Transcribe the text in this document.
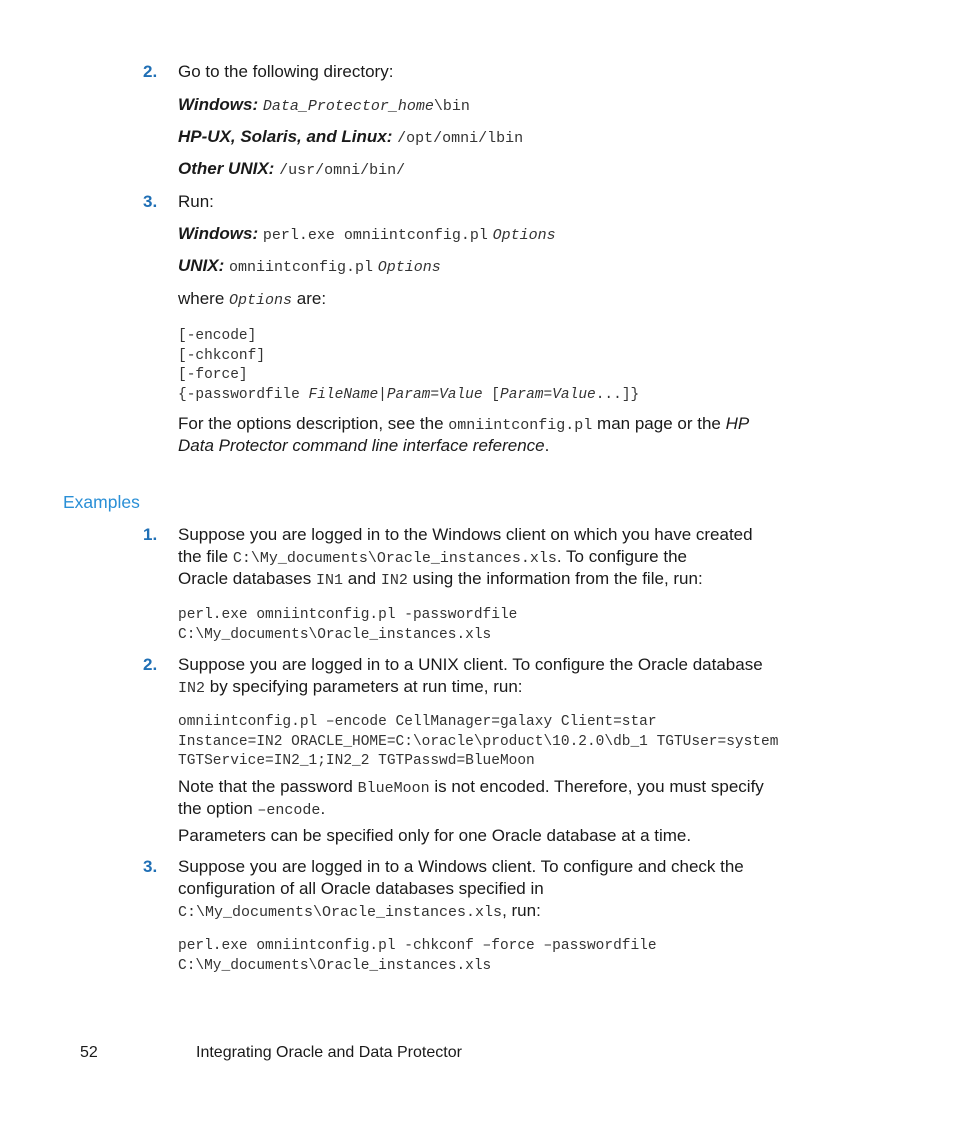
2. Go to the following directory:
Windows: Data_Protector_home\bin
HP-UX, Solaris, and Linux: /opt/omni/lbin
Other UNIX: /usr/omni/bin/
3. Run:
Windows: perl.exe omniintconfig.pl Options
UNIX: omniintconfig.pl Options
where Options are:
[-encode]
[-chkconf]
[-force]
{-passwordfile FileName|Param=Value [Param=Value...]}
For the options description, see the omniintconfig.pl man page or the HP
Data Protector command line interface reference.
Examples
1. Suppose you are logged in to the Windows client on which you have created
the file C:\My_documents\Oracle_instances.xls. To configure the
Oracle databases IN1 and IN2 using the information from the file, run:
perl.exe omniintconfig.pl -passwordfile
C:\My_documents\Oracle_instances.xls
2. Suppose you are logged in to a UNIX client. To configure the Oracle database
IN2 by specifying parameters at run time, run:
omniintconfig.pl –encode CellManager=galaxy Client=star
Instance=IN2 ORACLE_HOME=C:\oracle\product\10.2.0\db_1 TGTUser=system
TGTService=IN2_1;IN2_2 TGTPasswd=BlueMoon
Note that the password BlueMoon is not encoded. Therefore, you must specify
the option –encode.
Parameters can be specified only for one Oracle database at a time.
3. Suppose you are logged in to a Windows client. To configure and check the
configuration of all Oracle databases specified in
C:\My_documents\Oracle_instances.xls, run:
perl.exe omniintconfig.pl -chkconf –force –passwordfile
C:\My_documents\Oracle_instances.xls
52	Integrating Oracle and Data Protector
